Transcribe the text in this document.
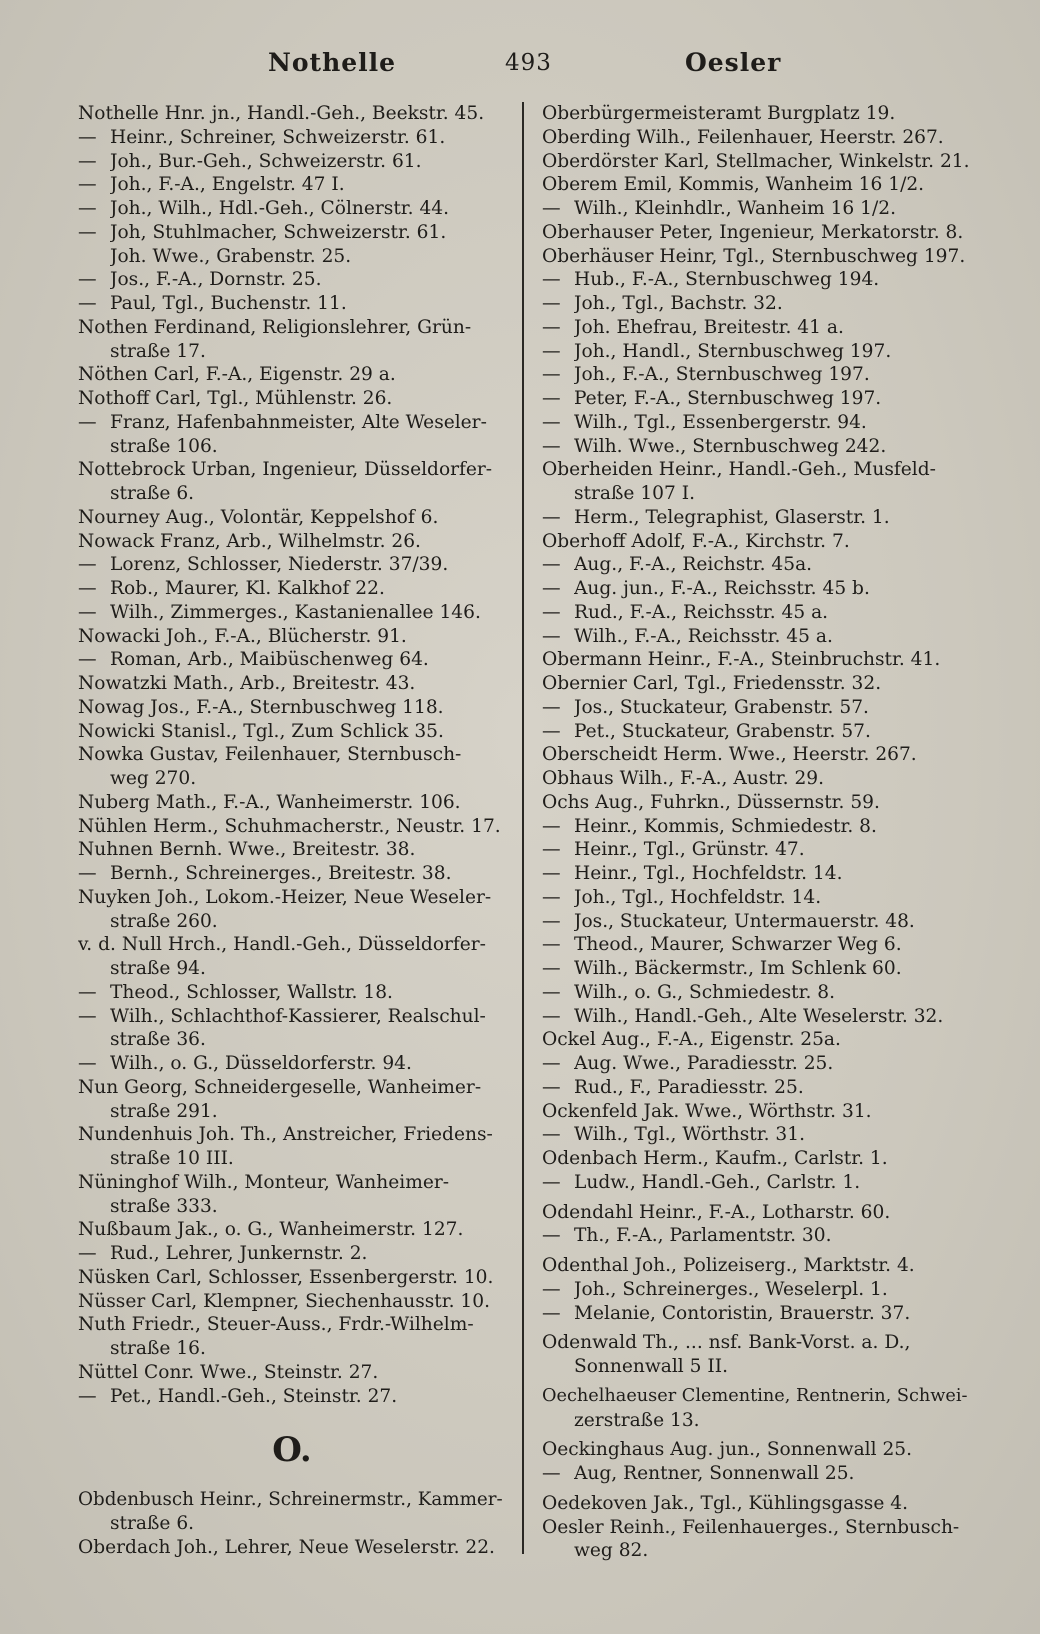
Nothelle	493	Oesler
Nothelle Hnr. jn., Handl.-Geh., Beekstr. 45.
— Heinr., Schreiner, Schweizerstr. 61.
— Joh., Bur.-Geh., Schweizerstr. 61.
— Joh., F.-A., Engelstr. 47 I.
— Joh., Wilh., Hdl.-Geh., Cölnerstr. 44.
— Joh, Stuhlmacher, Schweizerstr. 61.
Joh. Wwe., Grabenstr. 25.
— Jos., F.-A., Dornstr. 25.
— Paul, Tgl., Buchenstr. 11.
Nothen Ferdinand, Religionslehrer, Grün-
straße 17.
Nöthen Carl, F.-A., Eigenstr. 29 a.
Nothoff Carl, Tgl., Mühlenstr. 26.
— Franz, Hafenbahnmeister, Alte Weseler-
straße 106.
Nottebrock Urban, Ingenieur, Düsseldorfer-
straße 6.
Nourney Aug., Volontär, Keppelshof 6.
Nowack Franz, Arb., Wilhelmstr. 26.
— Lorenz, Schlosser, Niederstr. 37/39.
— Rob., Maurer, Kl. Kalkhof 22.
— Wilh., Zimmerges., Kastanienallee 146.
Nowacki Joh., F.-A., Blücherstr. 91.
— Roman, Arb., Maibüschenweg 64.
Nowatzki Math., Arb., Breitestr. 43.
Nowag Jos., F.-A., Sternbuschweg 118.
Nowicki Stanisl., Tgl., Zum Schlick 35.
Nowka Gustav, Feilenhauer, Sternbusch-
weg 270.
Nuberg Math., F.-A., Wanheimerstr. 106.
Nühlen Herm., Schuhmacherstr., Neustr. 17.
Nuhnen Bernh. Wwe., Breitestr. 38.
— Bernh., Schreinerges., Breitestr. 38.
Nuyken Joh., Lokom.-Heizer, Neue Weseler-
straße 260.
v. d. Null Hrch., Handl.-Geh., Düsseldorfer-
straße 94.
— Theod., Schlosser, Wallstr. 18.
— Wilh., Schlachthof-Kassierer, Realschul-
straße 36.
— Wilh., o. G., Düsseldorferstr. 94.
Nun Georg, Schneidergeselle, Wanheimer-
straße 291.
Nundenhuis Joh. Th., Anstreicher, Friedens-
straße 10 III.
Nüninghof Wilh., Monteur, Wanheimer-
straße 333.
Nußbaum Jak., o. G., Wanheimerstr. 127.
— Rud., Lehrer, Junkernstr. 2.
Nüsken Carl, Schlosser, Essenbergerstr. 10.
Nüsser Carl, Klempner, Siechenhausstr. 10.
Nuth Friedr., Steuer-Auss., Frdr.-Wilhelm-
straße 16.
Nüttel Conr. Wwe., Steinstr. 27.
— Pet., Handl.-Geh., Steinstr. 27.
O.
Obdenbusch Heinr., Schreinermstr., Kammer-
straße 6.
Oberdach Joh., Lehrer, Neue Weselerstr. 22.
Oberbürgermeisteramt Burgplatz 19.
Oberding Wilh., Feilenhauer, Heerstr. 267.
Oberdörster Karl, Stellmacher, Winkelstr. 21.
Oberem Emil, Kommis, Wanheim 16 1/2.
— Wilh., Kleinhdlr., Wanheim 16 1/2.
Oberhauser Peter, Ingenieur, Merkatorstr. 8.
Oberhäuser Heinr, Tgl., Sternbuschweg 197.
— Hub., F.-A., Sternbuschweg 194.
— Joh., Tgl., Bachstr. 32.
— Joh. Ehefrau, Breitestr. 41 a.
— Joh., Handl., Sternbuschweg 197.
— Joh., F.-A., Sternbuschweg 197.
— Peter, F.-A., Sternbuschweg 197.
— Wilh., Tgl., Essenbergerstr. 94.
— Wilh. Wwe., Sternbuschweg 242.
Oberheiden Heinr., Handl.-Geh., Musfeld-
straße 107 I.
— Herm., Telegraphist, Glaserstr. 1.
Oberhoff Adolf, F.-A., Kirchstr. 7.
— Aug., F.-A., Reichstr. 45a.
— Aug. jun., F.-A., Reichsstr. 45 b.
— Rud., F.-A., Reichsstr. 45 a.
— Wilh., F.-A., Reichsstr. 45 a.
Obermann Heinr., F.-A., Steinbruchstr. 41.
Obernier Carl, Tgl., Friedensstr. 32.
— Jos., Stuckateur, Grabenstr. 57.
— Pet., Stuckateur, Grabenstr. 57.
Oberscheidt Herm. Wwe., Heerstr. 267.
Obhaus Wilh., F.-A., Austr. 29.
Ochs Aug., Fuhrkn., Düssernstr. 59.
— Heinr., Kommis, Schmiedestr. 8.
— Heinr., Tgl., Grünstr. 47.
— Heinr., Tgl., Hochfeldstr. 14.
— Joh., Tgl., Hochfeldstr. 14.
— Jos., Stuckateur, Untermauerstr. 48.
— Theod., Maurer, Schwarzer Weg 6.
— Wilh., Bäckermstr., Im Schlenk 60.
— Wilh., o. G., Schmiedestr. 8.
— Wilh., Handl.-Geh., Alte Weselerstr. 32.
Ockel Aug., F.-A., Eigenstr. 25a.
— Aug. Wwe., Paradiesstr. 25.
— Rud., F., Paradiesstr. 25.
Ockenfeld Jak. Wwe., Wörthstr. 31.
— Wilh., Tgl., Wörthstr. 31.
Odenbach Herm., Kaufm., Carlstr. 1.
— Ludw., Handl.-Geh., Carlstr. 1.
Odendahl Heinr., F.-A., Lotharstr. 60.
— Th., F.-A., Parlamentstr. 30.
Odenthal Joh., Polizeiserg., Marktstr. 4.
— Joh., Schreinerges., Weselerpl. 1.
— Melanie, Contoristin, Brauerstr. 37.
Odenwald Th., ... nsf. Bank-Vorst. a. D.,
Sonnenwall 5 II.
Oechelhaeuser Clementine, Rentnerin, Schwei-
zerstraße 13.
Oeckinghaus Aug. jun., Sonnenwall 25.
— Aug, Rentner, Sonnenwall 25.
Oedekoven Jak., Tgl., Kühlingsgasse 4.
Oesler Reinh., Feilenhauerges., Sternbusch-
weg 82.
